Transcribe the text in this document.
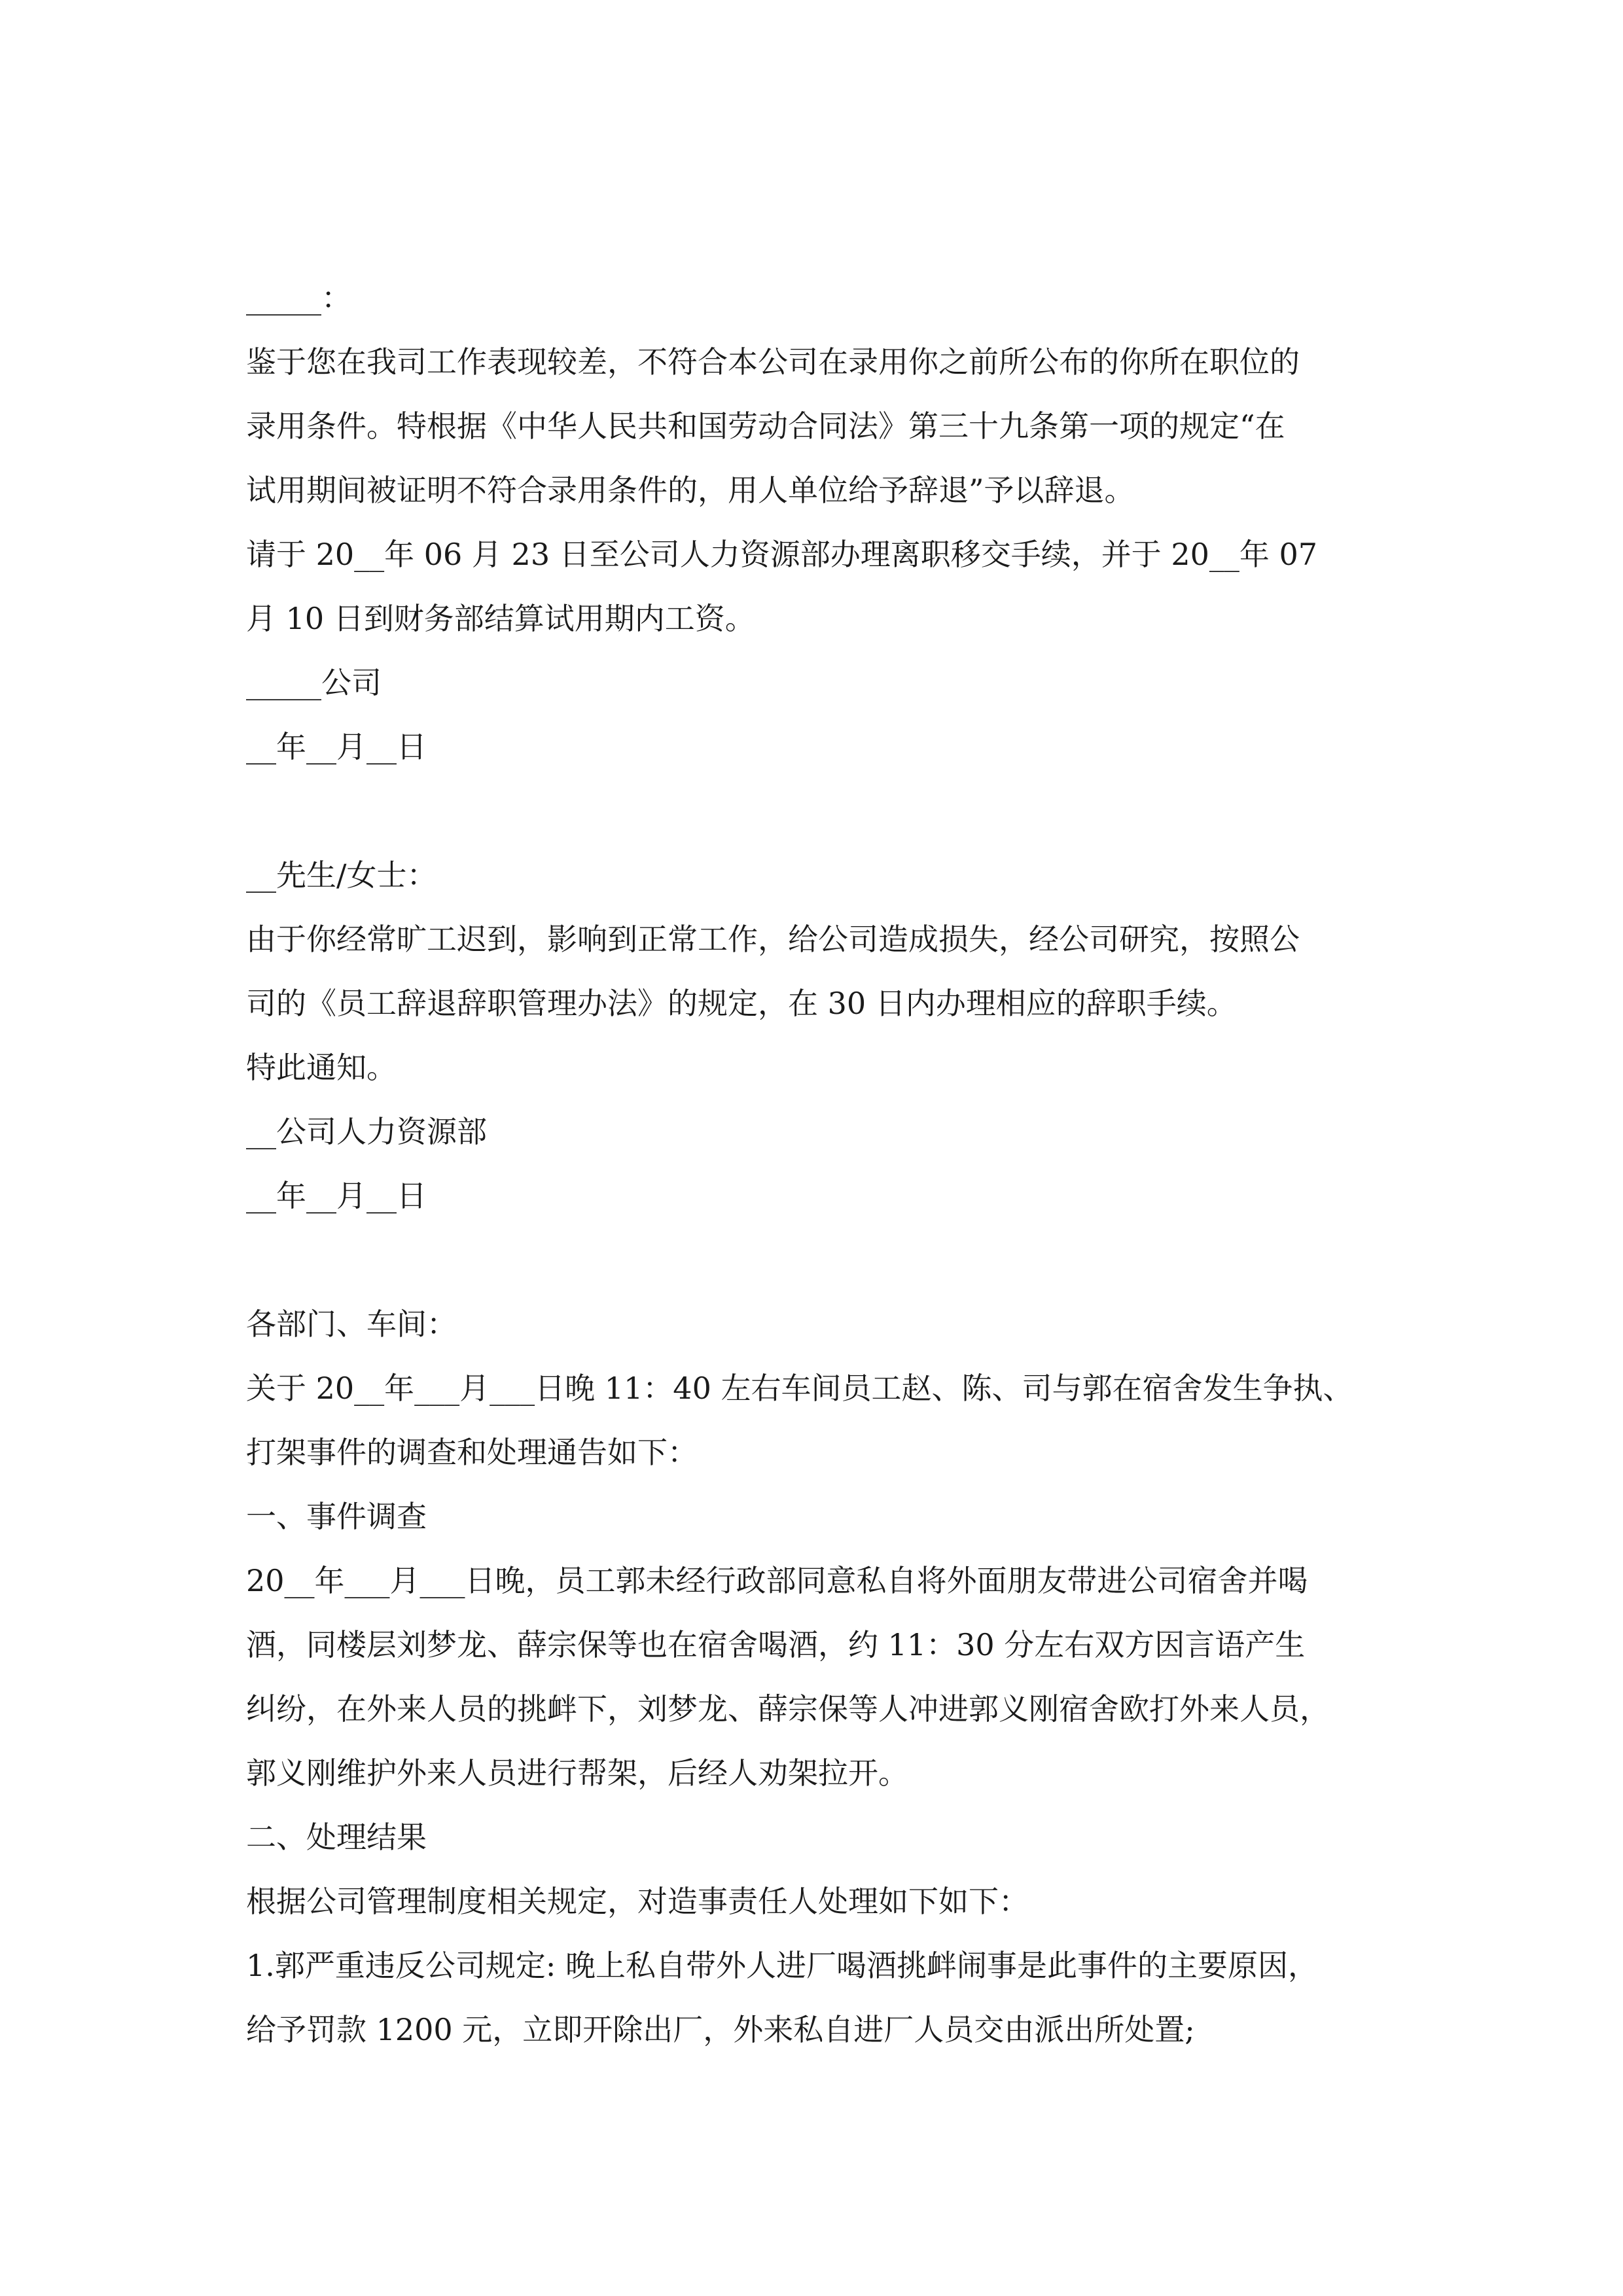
_____：
鉴于您在我司工作表现较差，不符合本公司在录用你之前所公布的你所在职位的
录用条件。特根据《中华人民共和国劳动合同法》第三十九条第一项的规定“在
试用期间被证明不符合录用条件的，用人单位给予辞退”予以辞退。
请于 20__年 06 月 23 日至公司人力资源部办理离职移交手续，并于 20__年 07
月 10 日到财务部结算试用期内工资。
_____公司
__年__月__日
__先生/女士：
由于你经常旷工迟到，影响到正常工作，给公司造成损失，经公司研究，按照公
司的《员工辞退辞职管理办法》的规定，在 30 日内办理相应的辞职手续。
特此通知。
__公司人力资源部
__年__月__日
各部门、车间：
关于 20__年___月___日晚 11：40 左右车间员工赵、陈、司与郭在宿舍发生争执、
打架事件的调查和处理通告如下：
一、事件调查
20__年___月___日晚，员工郭未经行政部同意私自将外面朋友带进公司宿舍并喝
酒，同楼层刘梦龙、薛宗保等也在宿舍喝酒，约 11：30 分左右双方因言语产生
纠纷，在外来人员的挑衅下，刘梦龙、薛宗保等人冲进郭义刚宿舍欧打外来人员，
郭义刚维护外来人员进行帮架，后经人劝架拉开。
二、处理结果
根据公司管理制度相关规定，对造事责任人处理如下如下：
1.郭严重违反公司规定: 晚上私自带外人进厂喝酒挑衅闹事是此事件的主要原因，
给予罚款 1200 元，立即开除出厂，外来私自进厂人员交由派出所处置;
